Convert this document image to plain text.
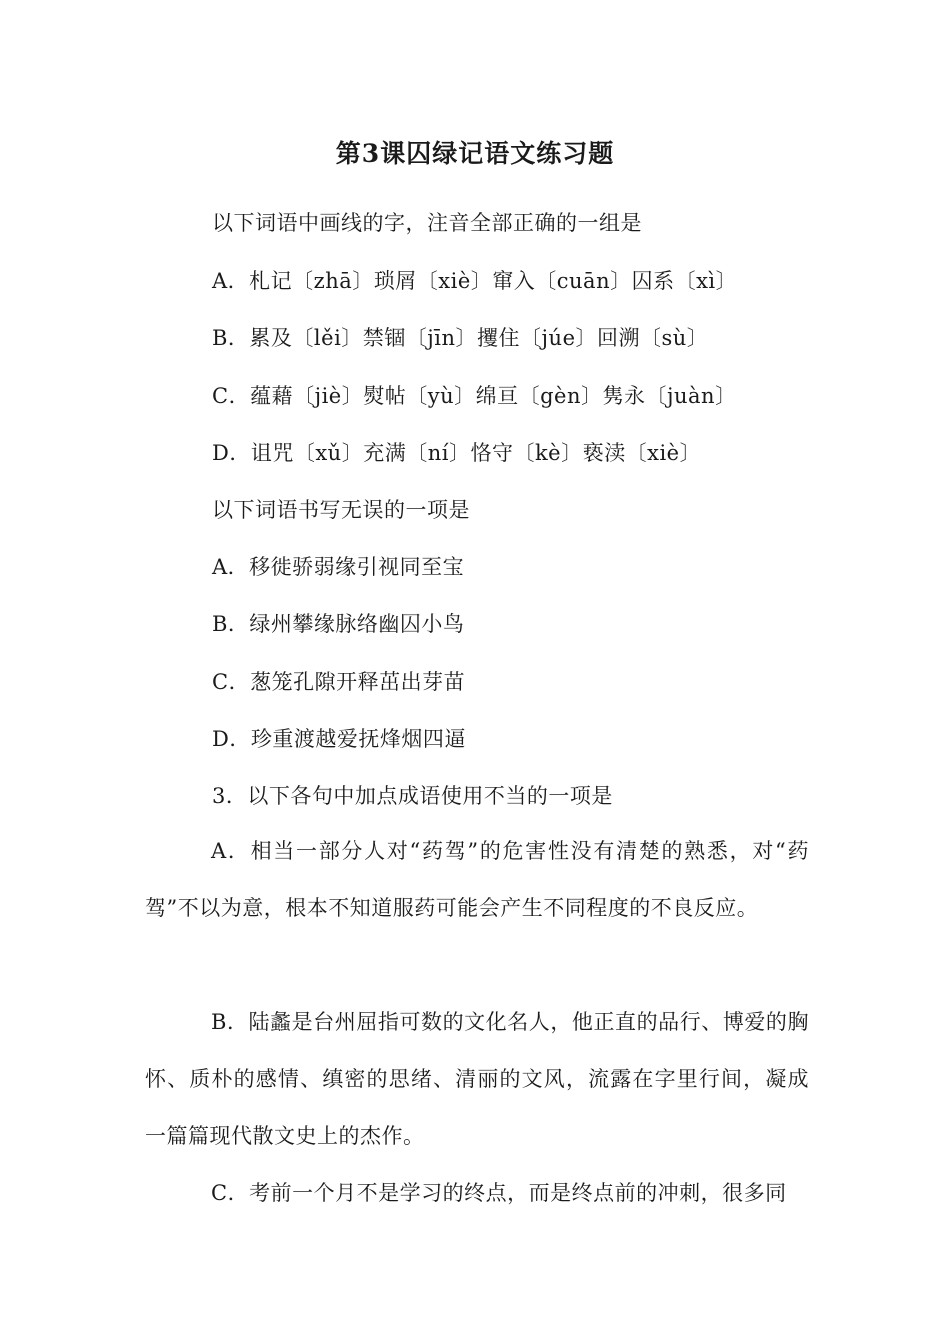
第3课囚绿记语文练习题
以下词语中画线的字，注音全部正确的一组是
A．札记〔zhā〕琐屑〔xiè〕窜入〔cuān〕囚系〔xì〕
B．累及〔lěi〕禁锢〔jīn〕攫住〔júe〕回溯〔sù〕
C．蕴藉〔jiè〕熨帖〔yù〕绵亘〔gèn〕隽永〔juàn〕
D．诅咒〔xǔ〕充满〔ní〕恪守〔kè〕亵渎〔xiè〕
以下词语书写无误的一项是
A．移徙骄弱缘引视同至宝
B．绿州攀缘脉络幽囚小鸟
C．葱笼孔隙开释茁出芽苗
D．珍重渡越爱抚烽烟四逼
3．以下各句中加点成语使用不当的一项是
A．相当一部分人对“药驾”的危害性没有清楚的熟悉，对“药驾”不以为意，根本不知道服药可能会产生不同程度的不良反应。
B．陆蠡是台州屈指可数的文化名人，他正直的品行、博爱的胸怀、质朴的感情、缜密的思绪、清丽的文风，流露在字里行间，凝成一篇篇现代散文史上的杰作。
C．考前一个月不是学习的终点，而是终点前的冲刺，很多同
